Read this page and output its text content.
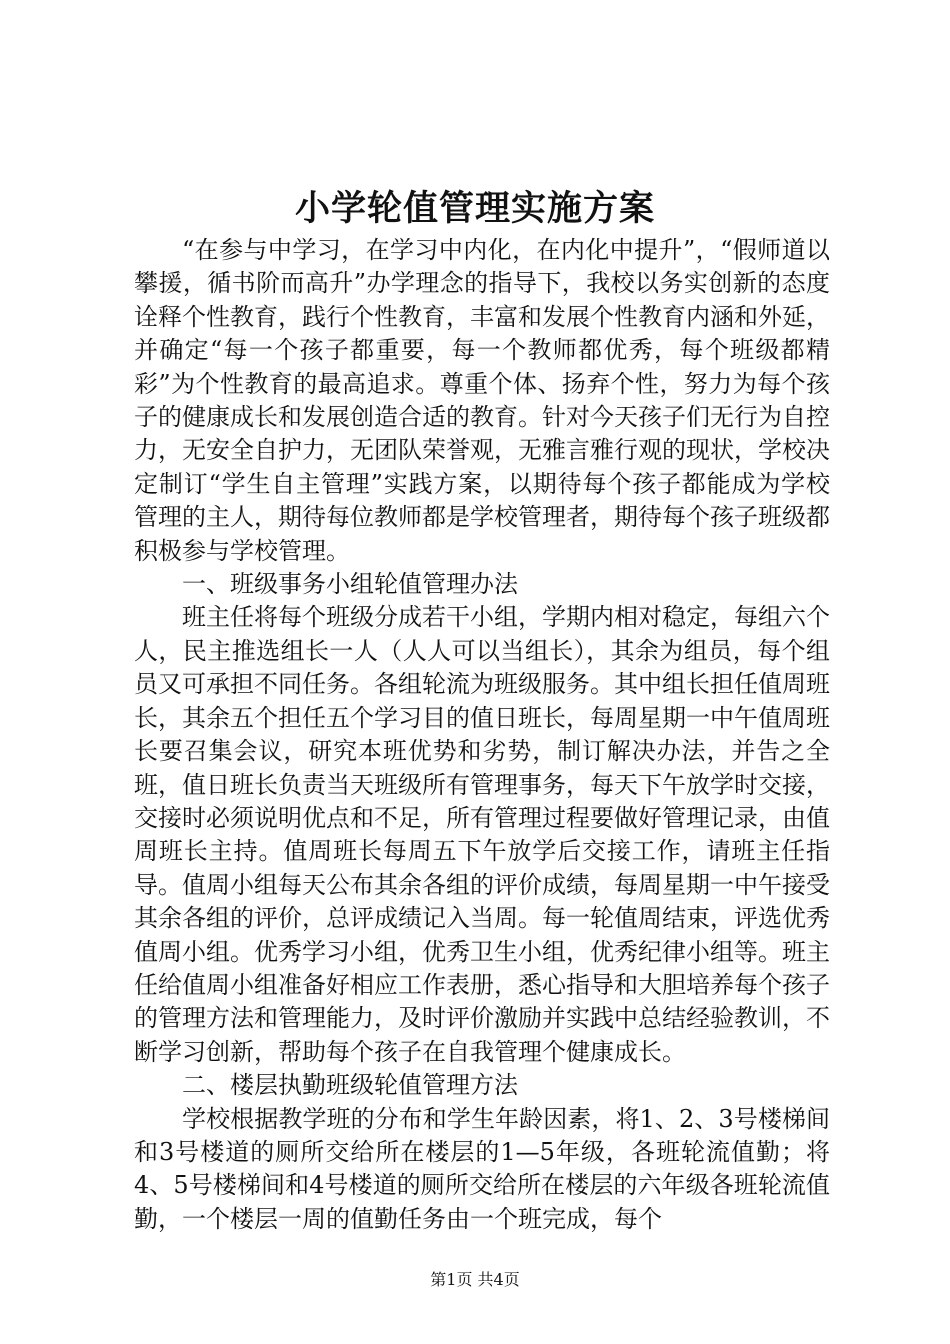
小学轮值管理实施方案

“在参与中学习，在学习中内化，在内化中提升”，“假师道以攀援，循书阶而高升”办学理念的指导下，我校以务实创新的态度诠释个性教育，践行个性教育，丰富和发展个性教育内涵和外延，并确定“每一个孩子都重要，每一个教师都优秀，每个班级都精彩”为个性教育的最高追求。尊重个体、扬弃个性，努力为每个孩子的健康成长和发展创造合适的教育。针对今天孩子们无行为自控力，无安全自护力，无团队荣誉观，无雅言雅行观的现状，学校决定制订“学生自主管理”实践方案，以期待每个孩子都能成为学校管理的主人，期待每位教师都是学校管理者，期待每个孩子班级都积极参与学校管理。

一、班级事务小组轮值管理办法

班主任将每个班级分成若干小组，学期内相对稳定，每组六个人，民主推选组长一人（人人可以当组长），其余为组员，每个组员又可承担不同任务。各组轮流为班级服务。其中组长担任值周班长，其余五个担任五个学习目的值日班长，每周星期一中午值周班长要召集会议，研究本班优势和劣势，制订解决办法，并告之全班，值日班长负责当天班级所有管理事务，每天下午放学时交接，交接时必须说明优点和不足，所有管理过程要做好管理记录，由值周班长主持。值周班长每周五下午放学后交接工作，请班主任指导。值周小组每天公布其余各组的评价成绩，每周星期一中午接受其余各组的评价，总评成绩记入当周。每一轮值周结束，评选优秀值周小组。优秀学习小组，优秀卫生小组，优秀纪律小组等。班主任给值周小组准备好相应工作表册，悉心指导和大胆培养每个孩子的管理方法和管理能力，及时评价激励并实践中总结经验教训，不断学习创新，帮助每个孩子在自我管理个健康成长。

二、楼层执勤班级轮值管理方法

学校根据教学班的分布和学生年龄因素，将1、2、3号楼梯间和3号楼道的厕所交给所在楼层的1—5年级，各班轮流值勤；将4、5号楼梯间和4号楼道的厕所交给所在楼层的六年级各班轮流值勤，一个楼层一周的值勤任务由一个班完成，每个

第1页 共4页
